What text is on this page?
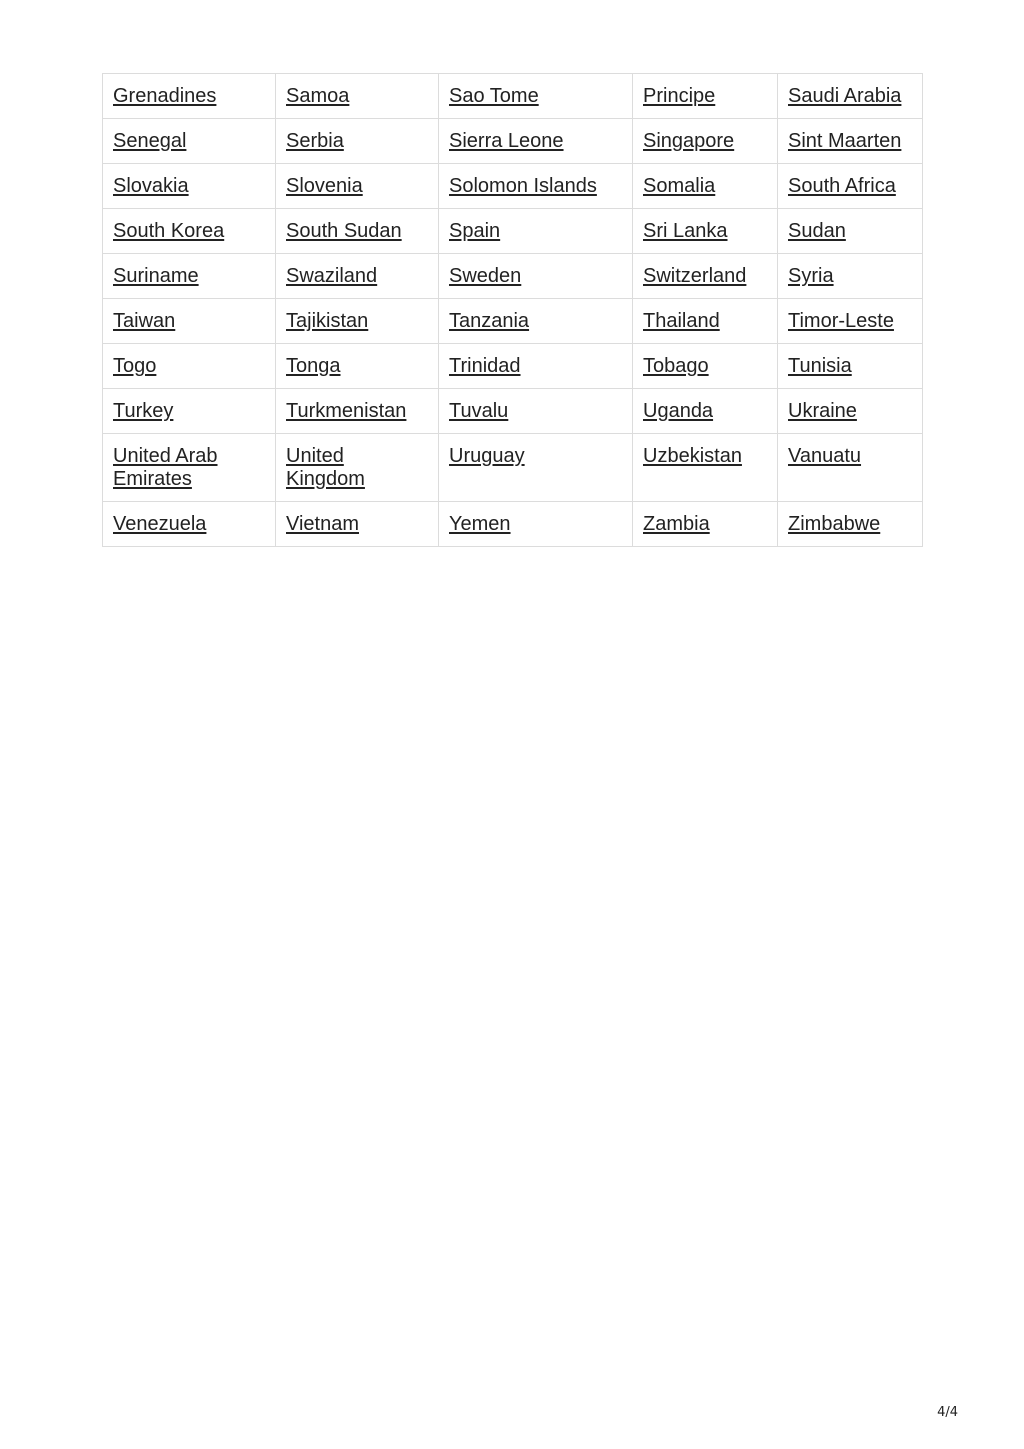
Grenadines	Samoa	Sao Tome	Principe	Saudi Arabia
Senegal	Serbia	Sierra Leone	Singapore	Sint Maarten
Slovakia	Slovenia	Solomon Islands	Somalia	South Africa
South Korea	South Sudan	Spain	Sri Lanka	Sudan
Suriname	Swaziland	Sweden	Switzerland	Syria
Taiwan	Tajikistan	Tanzania	Thailand	Timor-Leste
Togo	Tonga	Trinidad	Tobago	Tunisia
Turkey	Turkmenistan	Tuvalu	Uganda	Ukraine
United Arab Emirates	United Kingdom	Uruguay	Uzbekistan	Vanuatu
Venezuela	Vietnam	Yemen	Zambia	Zimbabwe
4/4
